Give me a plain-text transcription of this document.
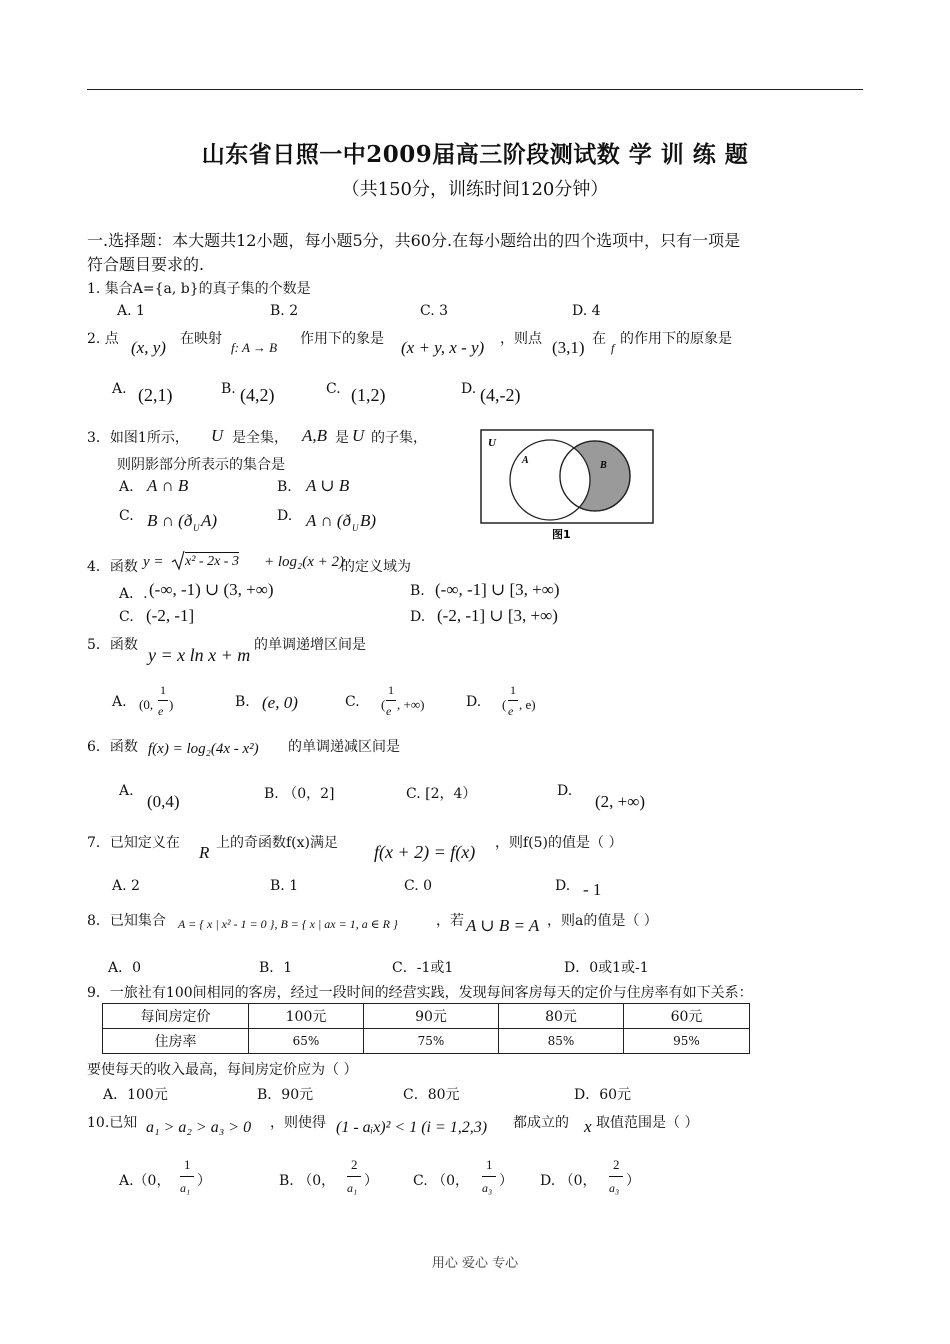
山东省日照一中2009届高三阶段测试数 学 训 练 题
（共150分，训练时间120分钟）
一.选择题：本大题共12小题，每小题5分，共60分.在每小题给出的四个选项中，只有一项是
符合题目要求的.
1. 集合A={a, b}的真子集的个数是
A. 1	B. 2	C. 3	D. 4
2. 点 (x, y) 在映射
f: A → B
作用下的象是 (x + y, x - y) ，则点 (3,1) 在
f
的作用下的原象是
A. (2,1)	B. (4,2)	C. (1,2)	D. (4,-2)
3．如图1所示， U 是全集， A,B 是 U 的子集，
则阴影部分所表示的集合是
A. A ∩ B	B. A ∪ B
C. B ∩ (ð U A)	D. A ∩ (ð U B)
U
A	B
图1
4．函数 y = x² - 2x - 3 + log₂(x + 2)
的定义域为
A．. (-∞, -1) ∪ (3, +∞)	B. (-∞, -1] ∪ [3, +∞)
C. (-2, -1]	D. (-2, -1] ∪ [3, +∞)
5．函数 y = x ln x + m 的单调递增区间是
A. (0,
1
e )	B. (e, 0)	C. (
1
e , +∞)	D. (
1
e , e)
6．函数 f(x) = log₂(4x - x²) 的单调递减区间是
A.
(0,4)	B. （0，2]	C. [2，4）	D.
(2, +∞)
7．已知定义在 R 上的奇函数f(x)满足 f(x + 2) = f(x) ，则f(5)的值是（ ）
A. 2	B. 1	C. 0	D. - 1
8．已知集合 A = { x | x² - 1 = 0 }, B = { x | ax = 1, a ∈ R }	，若 A ∪ B = A ，则a的值是（ ）
A．0	B．1	C．-1或1	D．0或1或-1
9．一旅社有100间相同的客房，经过一段时间的经营实践，发现每间客房每天的定价与住房率有如下关系：
每间房定价	100元	90元	80元	60元
住房率	65%	75%	85%	95%
要使每天的收入最高，每间房定价应为（ ）
A．100元	B．90元	C．80元	D．60元
10.已知 a₁ > a₂ > a₃ > 0 ，则使得 (1 - aᵢx)² < 1 (i = 1,2,3) 都成立的 x 取值范围是（ ）
A.（0，
1
a₁ ）	B. （0，
2
a₁ ）	C. （0，
1
a₃ ） D. （0，
2
a₃ ）
用心 爱心 专心
